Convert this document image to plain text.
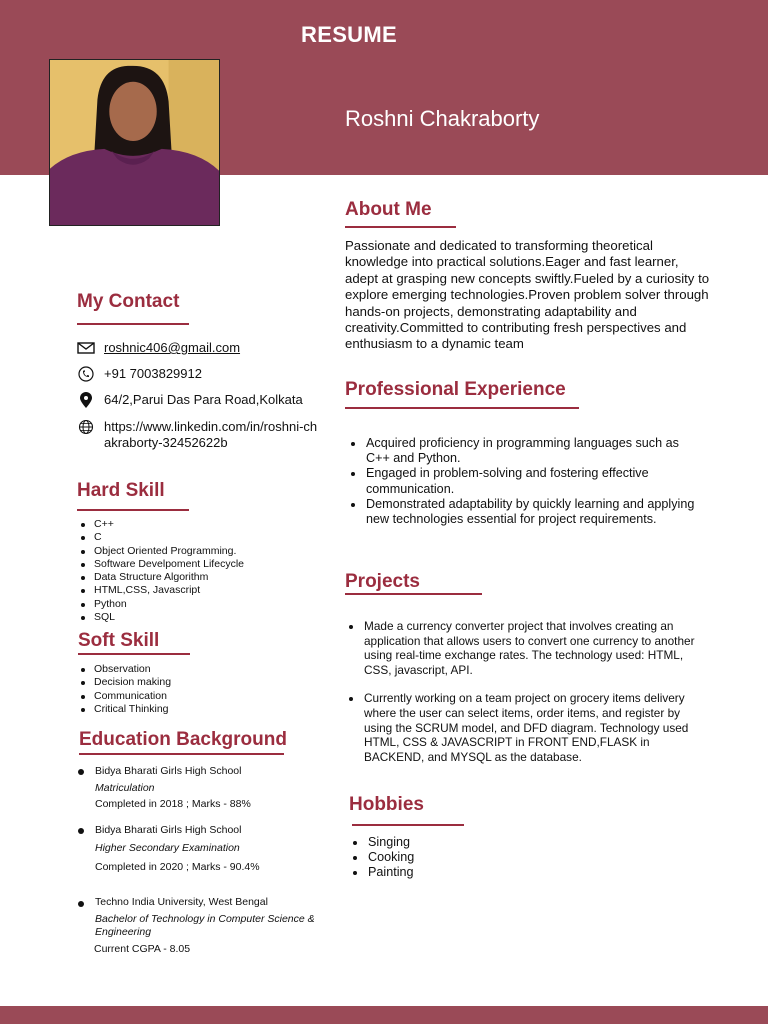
RESUME
Roshni Chakraborty
About Me
Passionate and dedicated to transforming theoretical knowledge into practical solutions.Eager and fast learner, adept at grasping new concepts swiftly.Fueled by a curiosity to explore emerging technologies.Proven problem solver through hands-on projects, demonstrating adaptability and creativity.Committed to contributing fresh perspectives and enthusiasm to a dynamic team
My Contact
roshnic406@gmail.com
+91 7003829912
64/2,Parui Das Para Road,Kolkata
https://www.linkedin.com/in/roshni-chakraborty-32452622b
Professional Experience
Acquired proficiency in programming languages such as C++ and Python.
Engaged in problem-solving and fostering effective communication.
Demonstrated adaptability by quickly learning and applying new technologies essential for project requirements.
Hard Skill
C++
C
Object Oriented Programming.
Software Develpoment Lifecycle
Data Structure Algorithm
HTML,CSS, Javascript
Python
SQL
Projects
Made a currency converter project that involves creating an application that allows users to convert one currency to another using real-time exchange rates. The technology used: HTML, CSS, javascript, API.
Currently working on a team project on grocery items delivery where the user can select items, order items, and register by using the SCRUM model, and DFD diagram. Technology used HTML, CSS & JAVASCRIPT in FRONT END,FLASK in BACKEND, and MYSQL as the database.
Soft Skill
Observation
Decision making
Communication
Critical Thinking
Education Background
Bidya Bharati Girls High School
Matriculation
Completed in 2018 ; Marks - 88%
Bidya Bharati Girls High School
Higher Secondary Examination
Completed in 2020 ; Marks - 90.4%
Techno India University, West Bengal
Bachelor of Technology in Computer Science & Engineering
Current CGPA - 8.05
Hobbies
Singing
Cooking
Painting
